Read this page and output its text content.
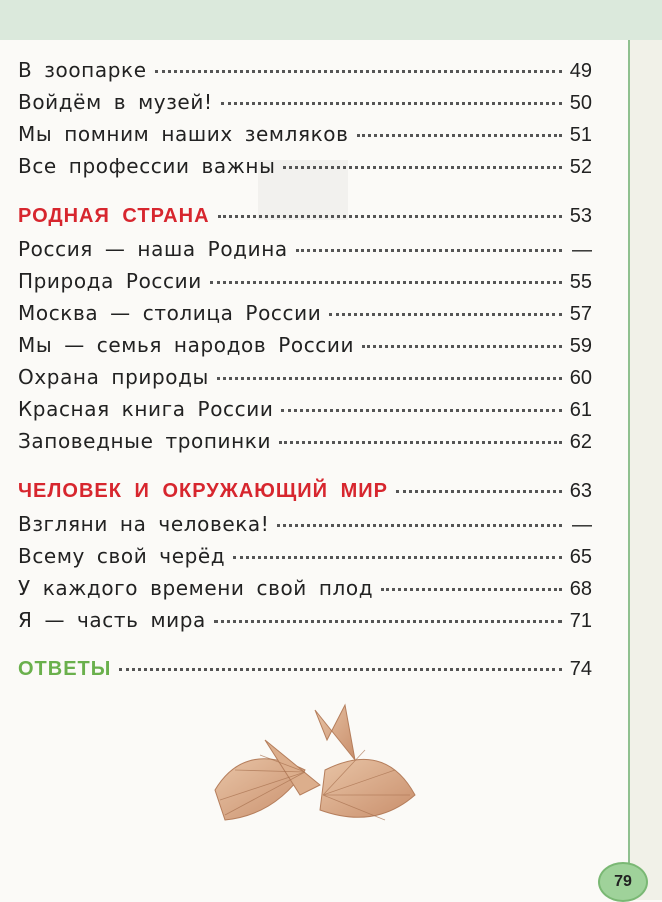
В зоопарке	49
Войдём в музей!	50
Мы помним наших земляков	51
Все профессии важны	52
РОДНАЯ СТРАНА	53
Россия — наша Родина	—
Природа России	55
Москва — столица России	57
Мы — семья народов России	59
Охрана природы	60
Красная книга России	61
Заповедные тропинки	62
ЧЕЛОВЕК И ОКРУЖАЮЩИЙ МИР	63
Взгляни на человека!	—
Всему свой черёд	65
У каждого времени свой плод	68
Я — часть мира	71
ОТВЕТЫ	74
79
